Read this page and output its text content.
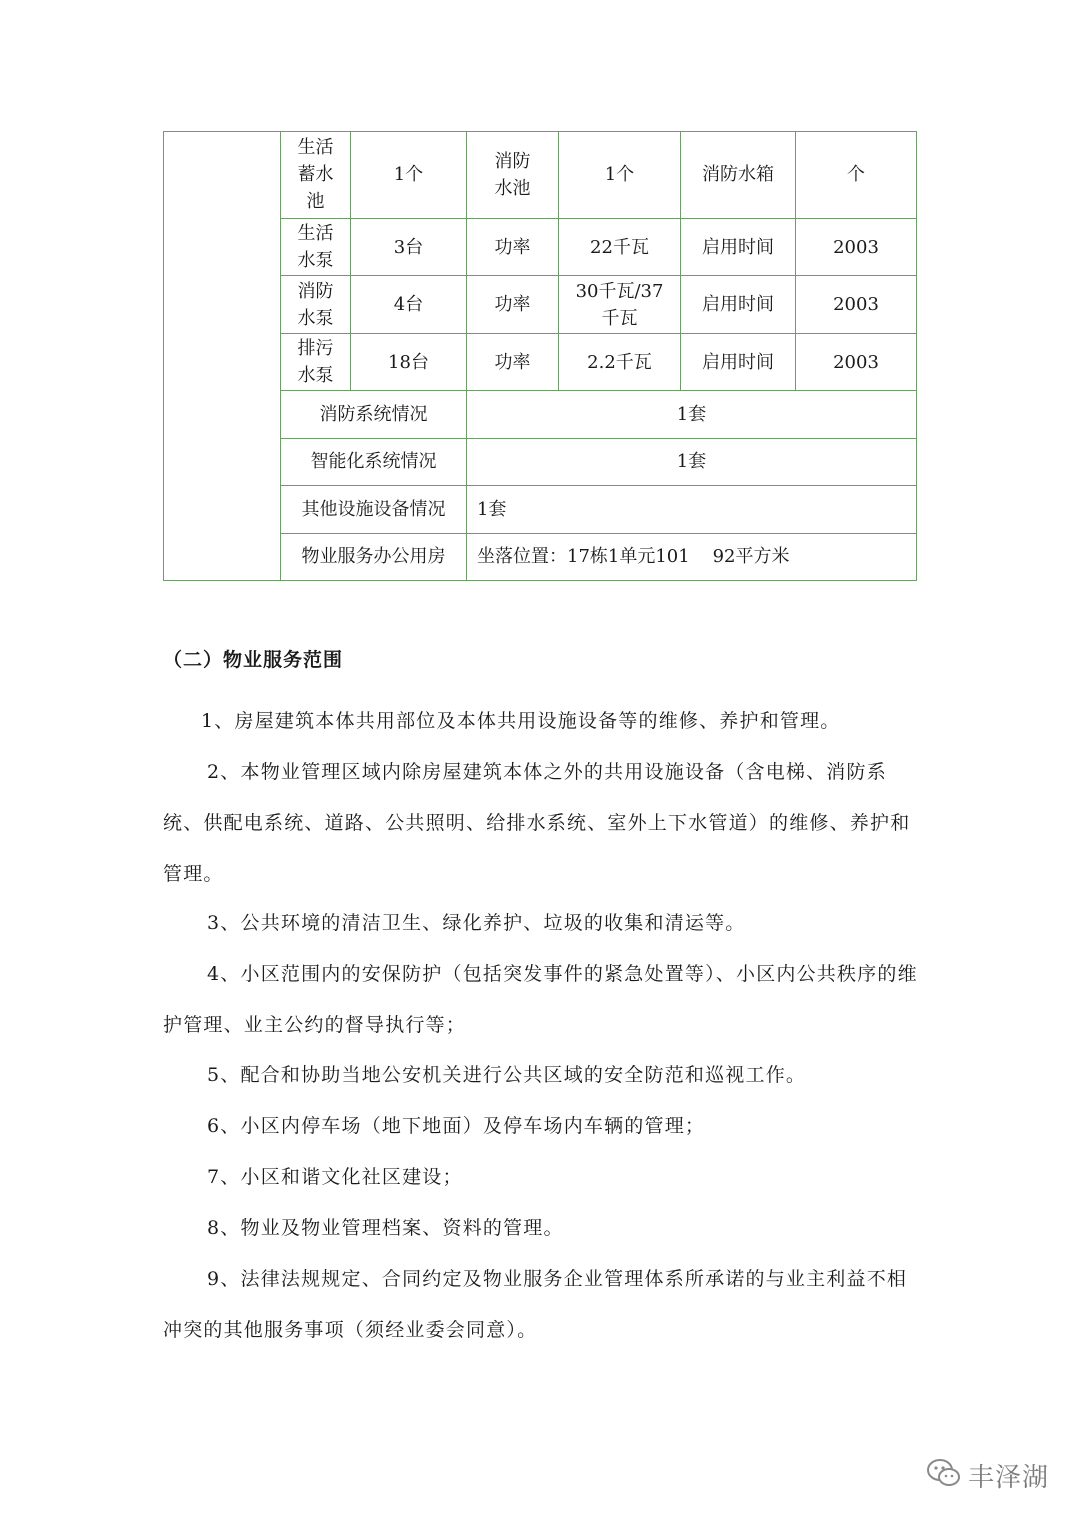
	生活蓄水池	1个	消防水池	1个	消防水箱	个
	生活水泵	3台	功率	22千瓦	启用时间	2003
	消防水泵	4台	功率	30千瓦/37千瓦	启用时间	2003
	排污水泵	18台	功率	2.2千瓦	启用时间	2003
	消防系统情况		1套			
	智能化系统情况		1套			
	其他设施设备情况		1套			
	物业服务办公用房		坐落位置：17栋1单元101    92平方米			

（二）物业服务范围

1、房屋建筑本体共用部位及本体共用设施设备等的维修、养护和管理。

2、本物业管理区域内除房屋建筑本体之外的共用设施设备（含电梯、消防系统、供配电系统、道路、公共照明、给排水系统、室外上下水管道）的维修、养护和管理。

3、公共环境的清洁卫生、绿化养护、垃圾的收集和清运等。

4、小区范围内的安保防护（包括突发事件的紧急处置等）、小区内公共秩序的维护管理、业主公约的督导执行等；

5、配合和协助当地公安机关进行公共区域的安全防范和巡视工作。

6、小区内停车场（地下地面）及停车场内车辆的管理；

7、小区和谐文化社区建设；

8、物业及物业管理档案、资料的管理。

9、法律法规规定、合同约定及物业服务企业管理体系所承诺的与业主利益不相冲突的其他服务事项（须经业委会同意）。

丰泽湖
